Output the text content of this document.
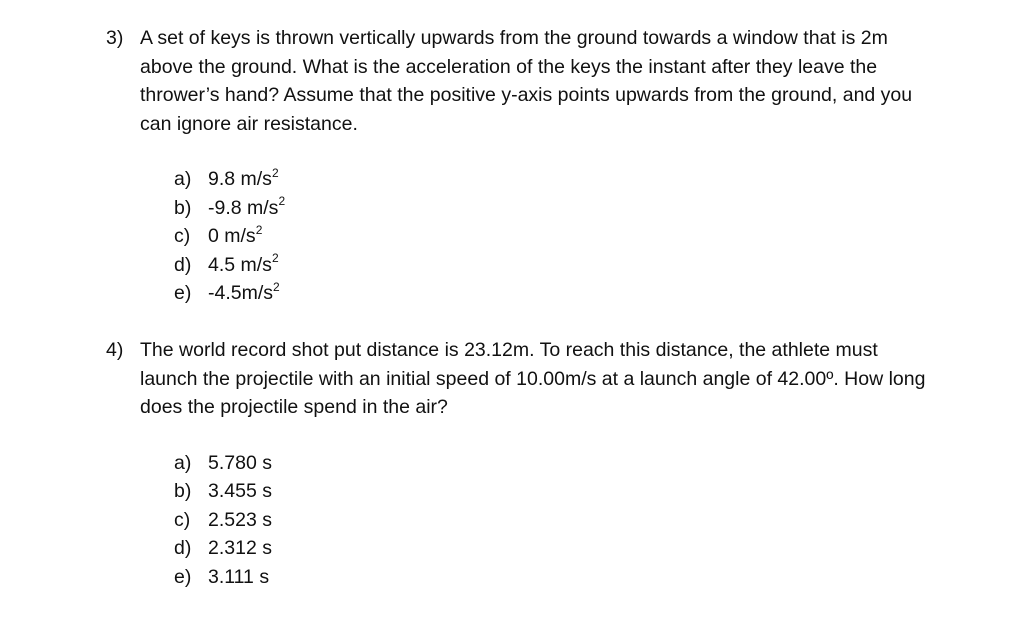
3) A set of keys is thrown vertically upwards from the ground towards a window that is 2m above the ground. What is the acceleration of the keys the instant after they leave the thrower’s hand? Assume that the positive y-axis points upwards from the ground, and you can ignore air resistance.
a) 9.8 $m/s^2$
b) -9.8 $m/s^2$
c) 0 $m/s^2$
d) 4.5 $m/s^2$
e) $-4.5m/s^2$
4) The world record shot put distance is 23.12m. To reach this distance, the athlete must launch the projectile with an initial speed of 10.00m/s at a launch angle of 42.00º. How long does the projectile spend in the air?
a) 5.780 s
b) 3.455 s
c) 2.523 s
d) 2.312 s
e) 3.111 s
